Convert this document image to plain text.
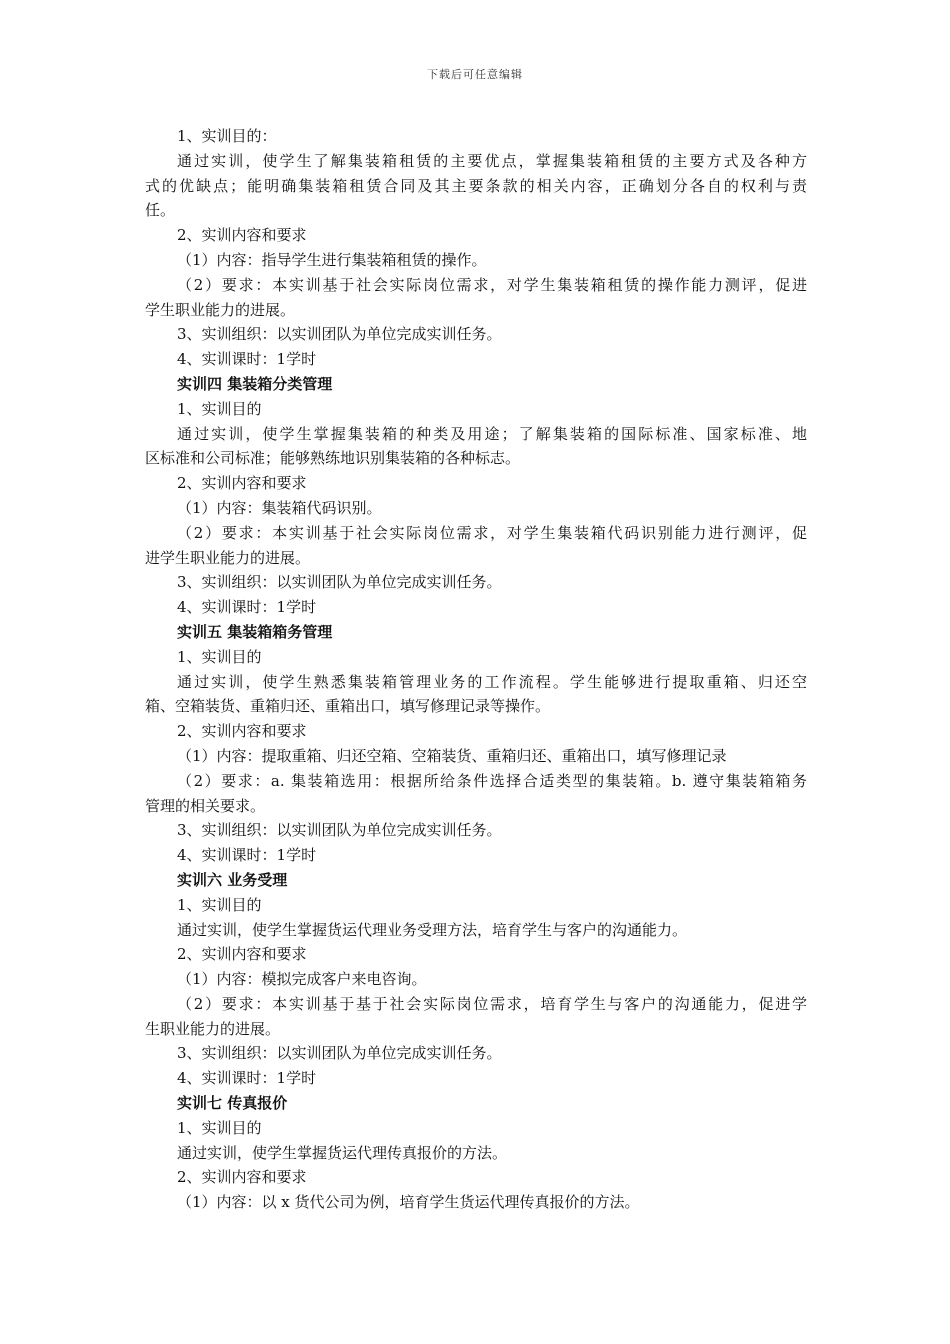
下载后可任意编辑
1、实训目的：
通过实训，使学生了解集装箱租赁的主要优点，掌握集装箱租赁的主要方式及各种方
式的优缺点；能明确集装箱租赁合同及其主要条款的相关内容，正确划分各自的权利与责
任。
2、实训内容和要求
（1）内容：指导学生进行集装箱租赁的操作。
（2）要求：本实训基于社会实际岗位需求，对学生集装箱租赁的操作能力测评，促进
学生职业能力的进展。
3、实训组织：以实训团队为单位完成实训任务。
4、实训课时：1学时
实训四 集装箱分类管理
1、实训目的
通过实训，使学生掌握集装箱的种类及用途；了解集装箱的国际标准、国家标准、地
区标准和公司标准；能够熟练地识别集装箱的各种标志。
2、实训内容和要求
（1）内容：集装箱代码识别。
（2）要求：本实训基于社会实际岗位需求，对学生集装箱代码识别能力进行测评，促
进学生职业能力的进展。
3、实训组织：以实训团队为单位完成实训任务。
4、实训课时：1学时
实训五 集装箱箱务管理
1、实训目的
通过实训，使学生熟悉集装箱管理业务的工作流程。学生能够进行提取重箱、归还空
箱、空箱装货、重箱归还、重箱出口，填写修理记录等操作。
2、实训内容和要求
（1）内容：提取重箱、归还空箱、空箱装货、重箱归还、重箱出口，填写修理记录
（2）要求：a. 集装箱选用：根据所给条件选择合适类型的集装箱。b. 遵守集装箱箱务
管理的相关要求。
3、实训组织：以实训团队为单位完成实训任务。
4、实训课时：1学时
实训六 业务受理
1、实训目的
通过实训，使学生掌握货运代理业务受理方法，培育学生与客户的沟通能力。
2、实训内容和要求
（1）内容：模拟完成客户来电咨询。
（2）要求：本实训基于基于社会实际岗位需求，培育学生与客户的沟通能力，促进学
生职业能力的进展。
3、实训组织：以实训团队为单位完成实训任务。
4、实训课时：1学时
实训七 传真报价
1、实训目的
通过实训，使学生掌握货运代理传真报价的方法。
2、实训内容和要求
（1）内容：以 x 货代公司为例，培育学生货运代理传真报价的方法。
